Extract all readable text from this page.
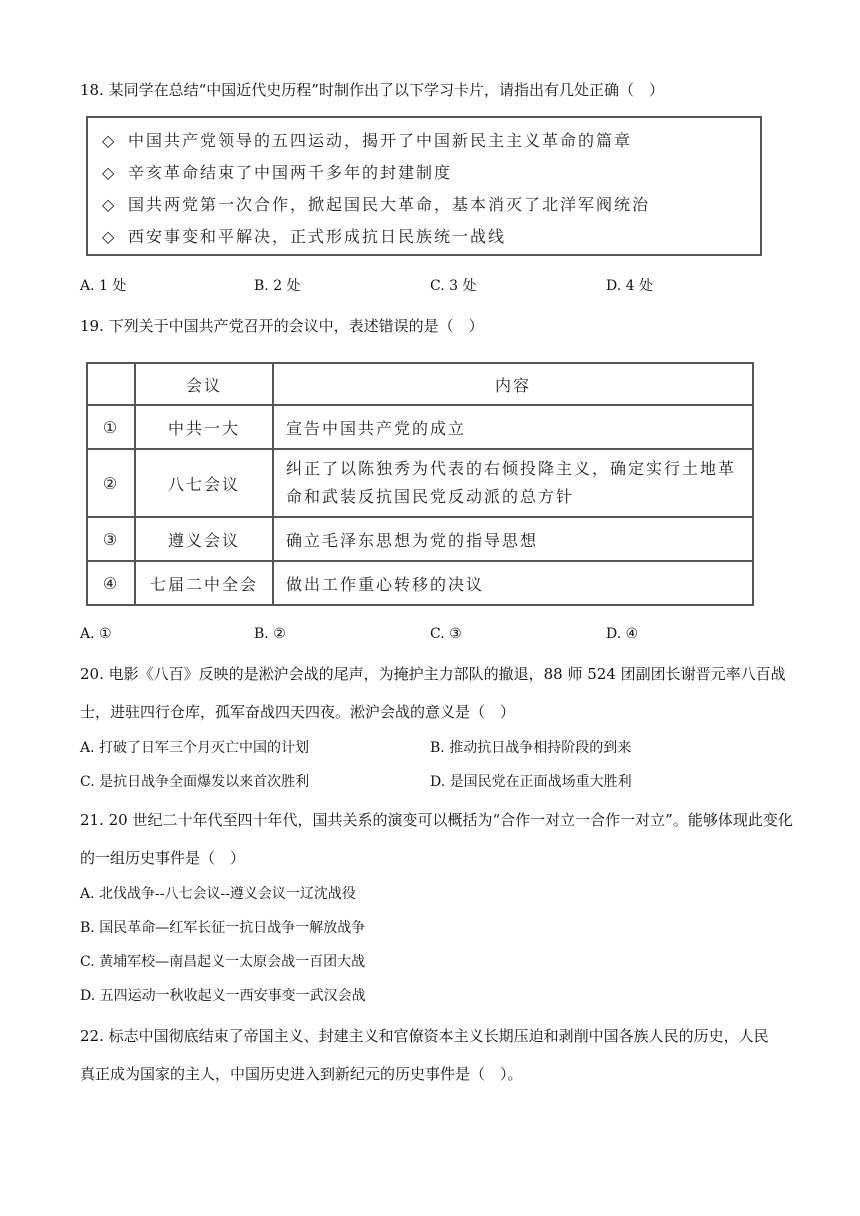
18. 某同学在总结“中国近代史历程”时制作出了以下学习卡片，请指出有几处正确（　）
◇ 中国共产党领导的五四运动，揭开了中国新民主主义革命的篇章
◇ 辛亥革命结束了中国两千多年的封建制度
◇ 国共两党第一次合作，掀起国民大革命，基本消灭了北洋军阀统治
◇ 西安事变和平解决，正式形成抗日民族统一战线
A. 1 处	B. 2 处	C. 3 处	D. 4 处
19. 下列关于中国共产党召开的会议中，表述错误的是（　）
	会议	内容
①	中共一大	宣告中国共产党的成立
②	八七会议	纠正了以陈独秀为代表的右倾投降主义，确定实行土地革命和武装反抗国民党反动派的总方针
③	遵义会议	确立毛泽东思想为党的指导思想
④	七届二中全会	做出工作重心转移的决议
A. ①	B. ②	C. ③	D. ④
20. 电影《八百》反映的是淞沪会战的尾声，为掩护主力部队的撤退，88 师 524 团副团长谢晋元率八百战
士，进驻四行仓库，孤军奋战四天四夜。淞沪会战的意义是（　）
A. 打破了日军三个月灭亡中国的计划	B. 推动抗日战争相持阶段的到来
C. 是抗日战争全面爆发以来首次胜利	D. 是国民党在正面战场重大胜利
21. 20 世纪二十年代至四十年代，国共关系的演变可以概括为“合作一对立一合作一对立”。能够体现此变化
的一组历史事件是（　）
A. 北伐战争--八七会议--遵义会议一辽沈战役
B. 国民革命—红军长征一抗日战争一解放战争
C. 黄埔军校—南昌起义一太原会战一百团大战
D. 五四运动一秋收起义一西安事变一武汉会战
22. 标志中国彻底结束了帝国主义、封建主义和官僚资本主义长期压迫和剥削中国各族人民的历史，人民
真正成为国家的主人，中国历史进入到新纪元的历史事件是（　）。
